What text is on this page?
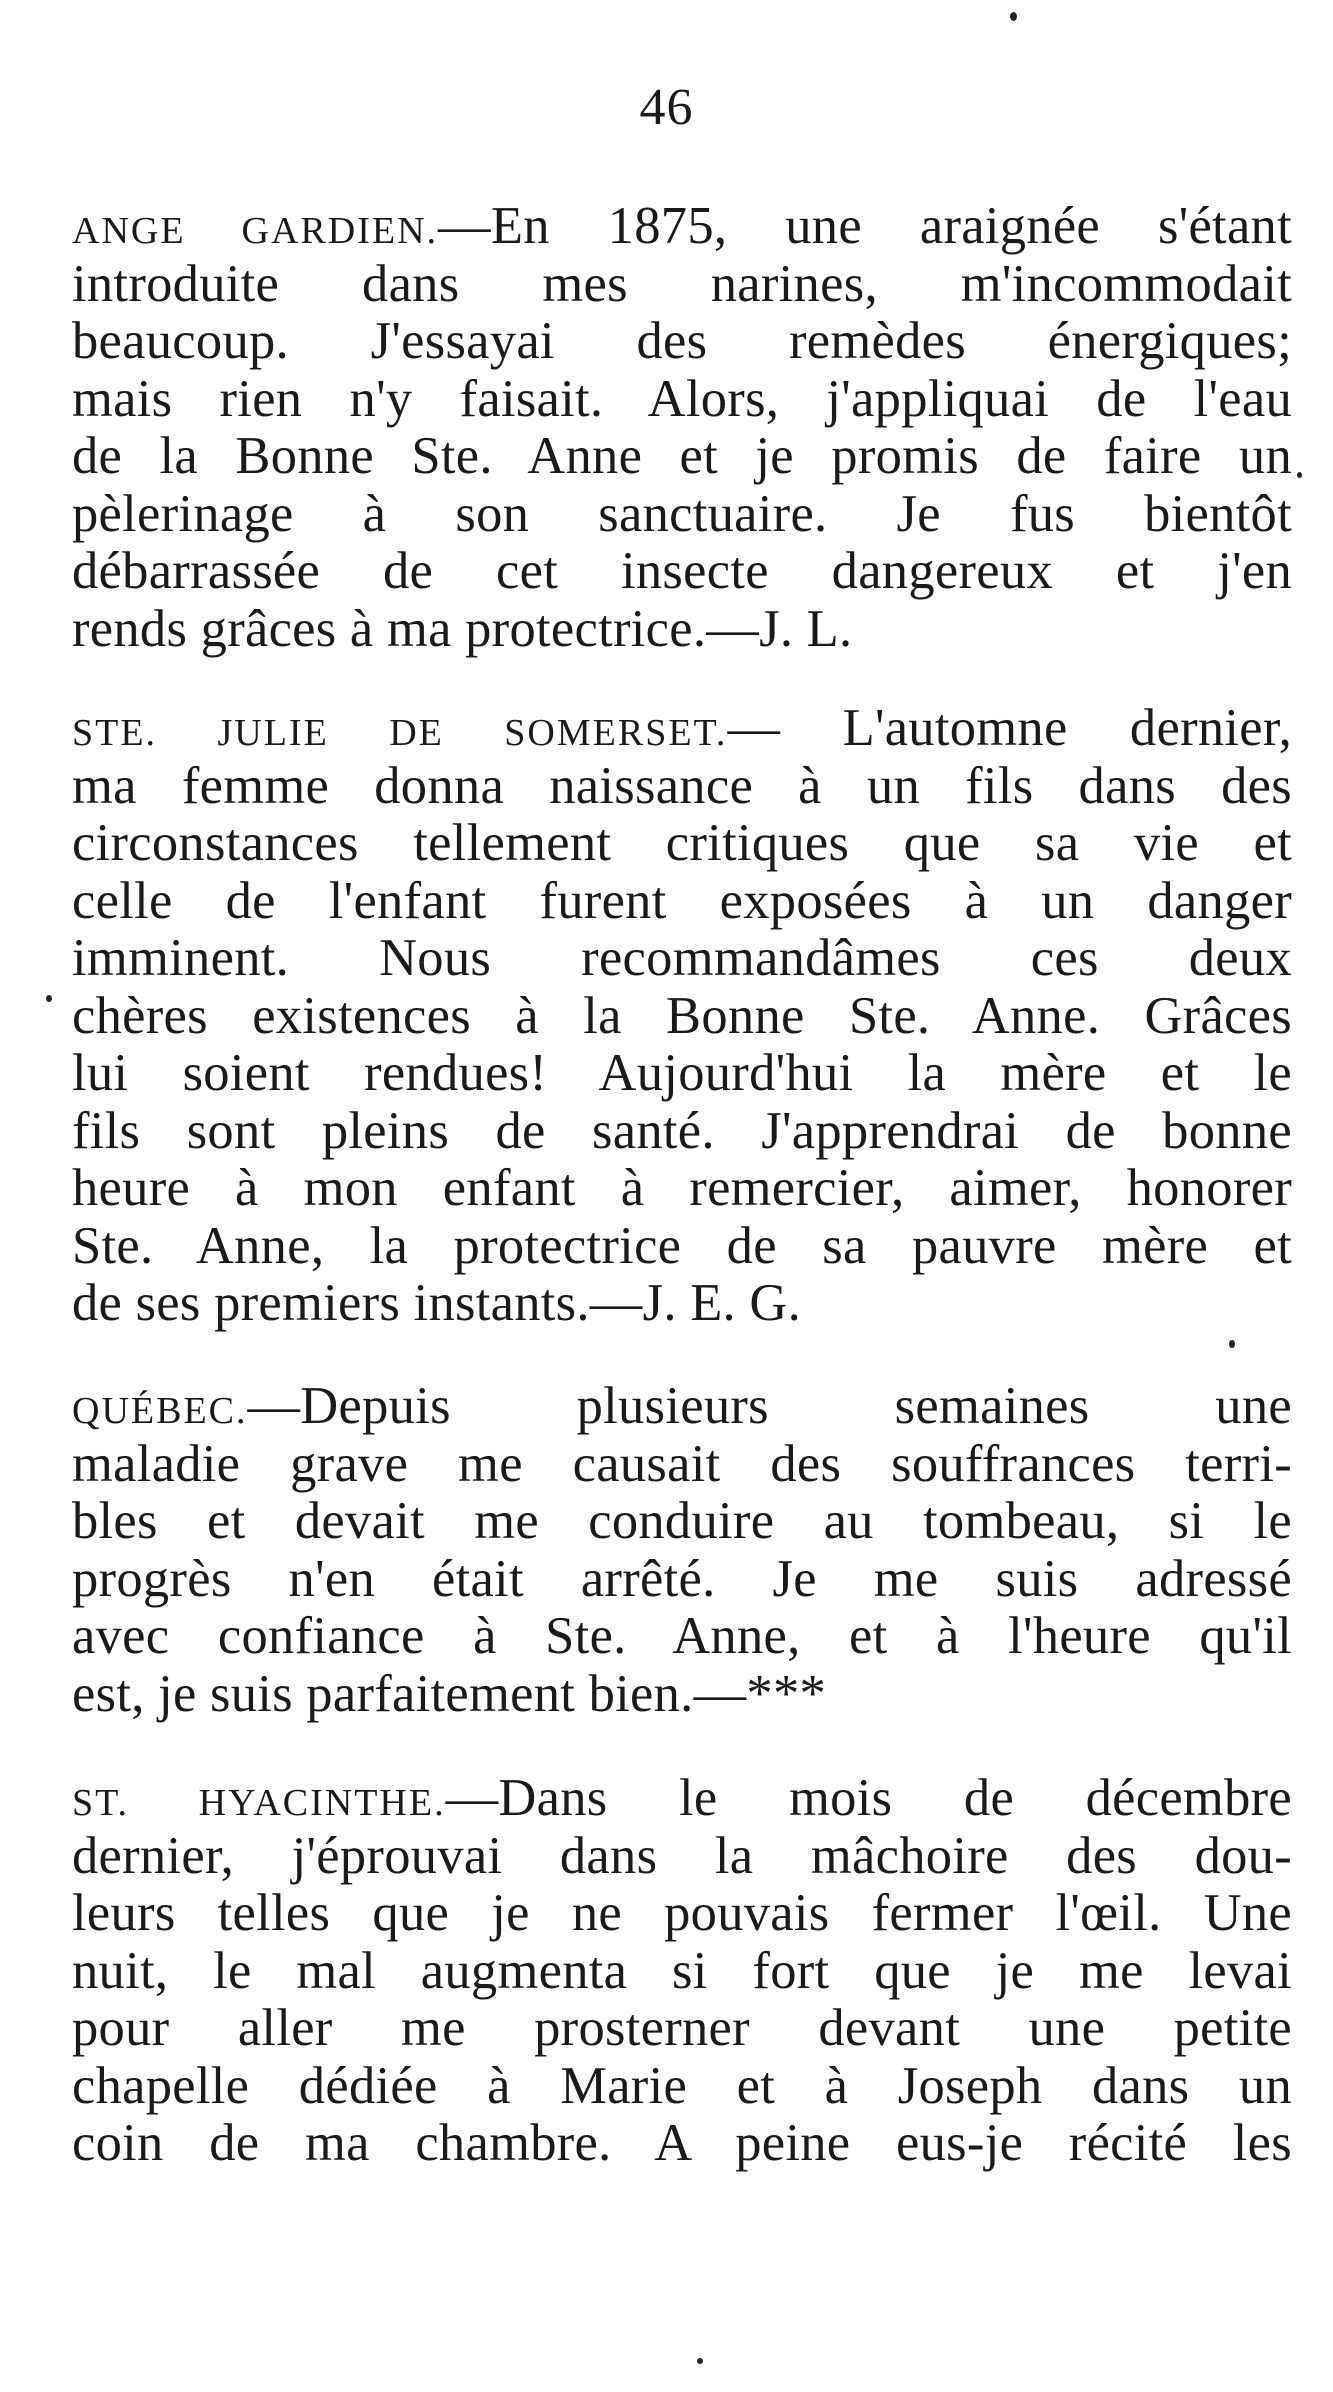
46
ANGE GARDIEN.—En 1875, une araignée s'étant
introduite dans mes narines, m'incommodait
beaucoup. J'essayai des remèdes énergiques;
mais rien n'y faisait. Alors, j'appliquai de l'eau
de la Bonne Ste. Anne et je promis de faire un
pèlerinage à son sanctuaire. Je fus bientôt
débarrassée de cet insecte dangereux et j'en
rends grâces à ma protectrice.—J. L.
STE. JULIE DE SOMERSET.— L'automne dernier,
ma femme donna naissance à un fils dans des
circonstances tellement critiques que sa vie et
celle de l'enfant furent exposées à un danger
imminent. Nous recommandâmes ces deux
chères existences à la Bonne Ste. Anne. Grâces
lui soient rendues! Aujourd'hui la mère et le
fils sont pleins de santé. J'apprendrai de bonne
heure à mon enfant à remercier, aimer, honorer
Ste. Anne, la protectrice de sa pauvre mère et
de ses premiers instants.—J. E. G.
QUÉBEC.—Depuis plusieurs semaines une
maladie grave me causait des souffrances terri-
bles et devait me conduire au tombeau, si le
progrès n'en était arrêté. Je me suis adressé
avec confiance à Ste. Anne, et à l'heure qu'il
est, je suis parfaitement bien.—***
ST. HYACINTHE.—Dans le mois de décembre
dernier, j'éprouvai dans la mâchoire des dou-
leurs telles que je ne pouvais fermer l'œil. Une
nuit, le mal augmenta si fort que je me levai
pour aller me prosterner devant une petite
chapelle dédiée à Marie et à Joseph dans un
coin de ma chambre. A peine eus-je récité les
